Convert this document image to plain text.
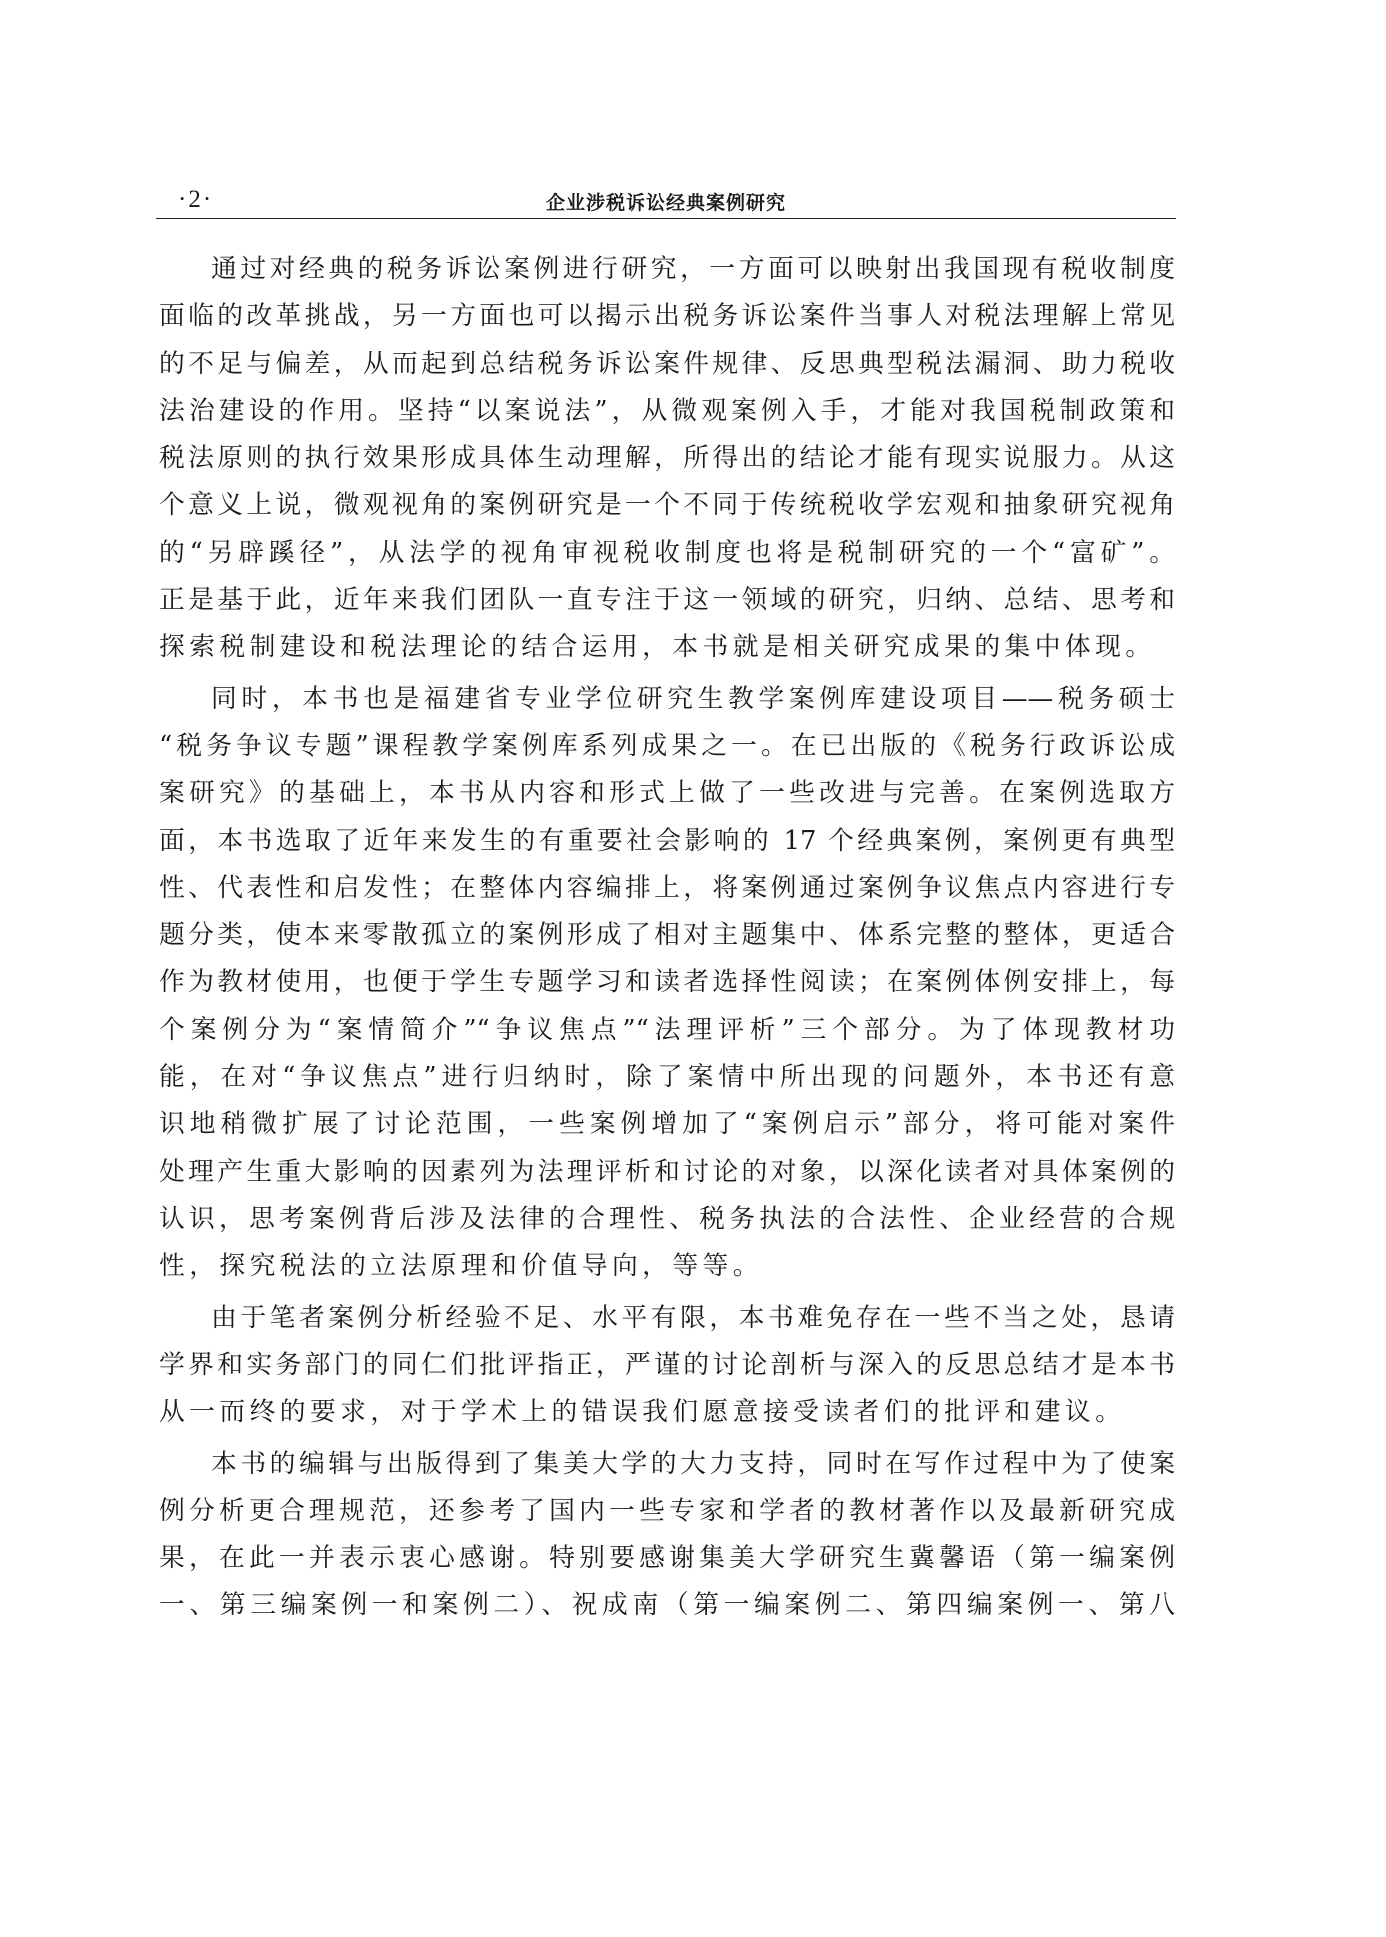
·2·	企业涉税诉讼经典案例研究
通过对经典的税务诉讼案例进行研究，一方面可以映射出我国现有税收制度
面临的改革挑战，另一方面也可以揭示出税务诉讼案件当事人对税法理解上常见
的不足与偏差，从而起到总结税务诉讼案件规律、反思典型税法漏洞、助力税收
法治建设的作用。坚持“以案说法”，从微观案例入手，才能对我国税制政策和
税法原则的执行效果形成具体生动理解，所得出的结论才能有现实说服力。从这
个意义上说，微观视角的案例研究是一个不同于传统税收学宏观和抽象研究视角
的“另辟蹊径”，从法学的视角审视税收制度也将是税制研究的一个“富矿”。
正是基于此，近年来我们团队一直专注于这一领域的研究，归纳、总结、思考和
探索税制建设和税法理论的结合运用，本书就是相关研究成果的集中体现。
同时，本书也是福建省专业学位研究生教学案例库建设项目——税务硕士
“税务争议专题”课程教学案例库系列成果之一。在已出版的《税务行政诉讼成
案研究》的基础上，本书从内容和形式上做了一些改进与完善。在案例选取方
面，本书选取了近年来发生的有重要社会影响的 17 个经典案例，案例更有典型
性、代表性和启发性；在整体内容编排上，将案例通过案例争议焦点内容进行专
题分类，使本来零散孤立的案例形成了相对主题集中、体系完整的整体，更适合
作为教材使用，也便于学生专题学习和读者选择性阅读；在案例体例安排上，每
个案例分为“案情简介”“争议焦点”“法理评析”三个部分。为了体现教材功
能，在对“争议焦点”进行归纳时，除了案情中所出现的问题外，本书还有意
识地稍微扩展了讨论范围，一些案例增加了“案例启示”部分，将可能对案件
处理产生重大影响的因素列为法理评析和讨论的对象，以深化读者对具体案例的
认识，思考案例背后涉及法律的合理性、税务执法的合法性、企业经营的合规
性，探究税法的立法原理和价值导向，等等。
由于笔者案例分析经验不足、水平有限，本书难免存在一些不当之处，恳请
学界和实务部门的同仁们批评指正，严谨的讨论剖析与深入的反思总结才是本书
从一而终的要求，对于学术上的错误我们愿意接受读者们的批评和建议。
本书的编辑与出版得到了集美大学的大力支持，同时在写作过程中为了使案
例分析更合理规范，还参考了国内一些专家和学者的教材著作以及最新研究成
果，在此一并表示衷心感谢。特别要感谢集美大学研究生冀馨语（第一编案例
一、第三编案例一和案例二）、祝成南（第一编案例二、第四编案例一、第八
